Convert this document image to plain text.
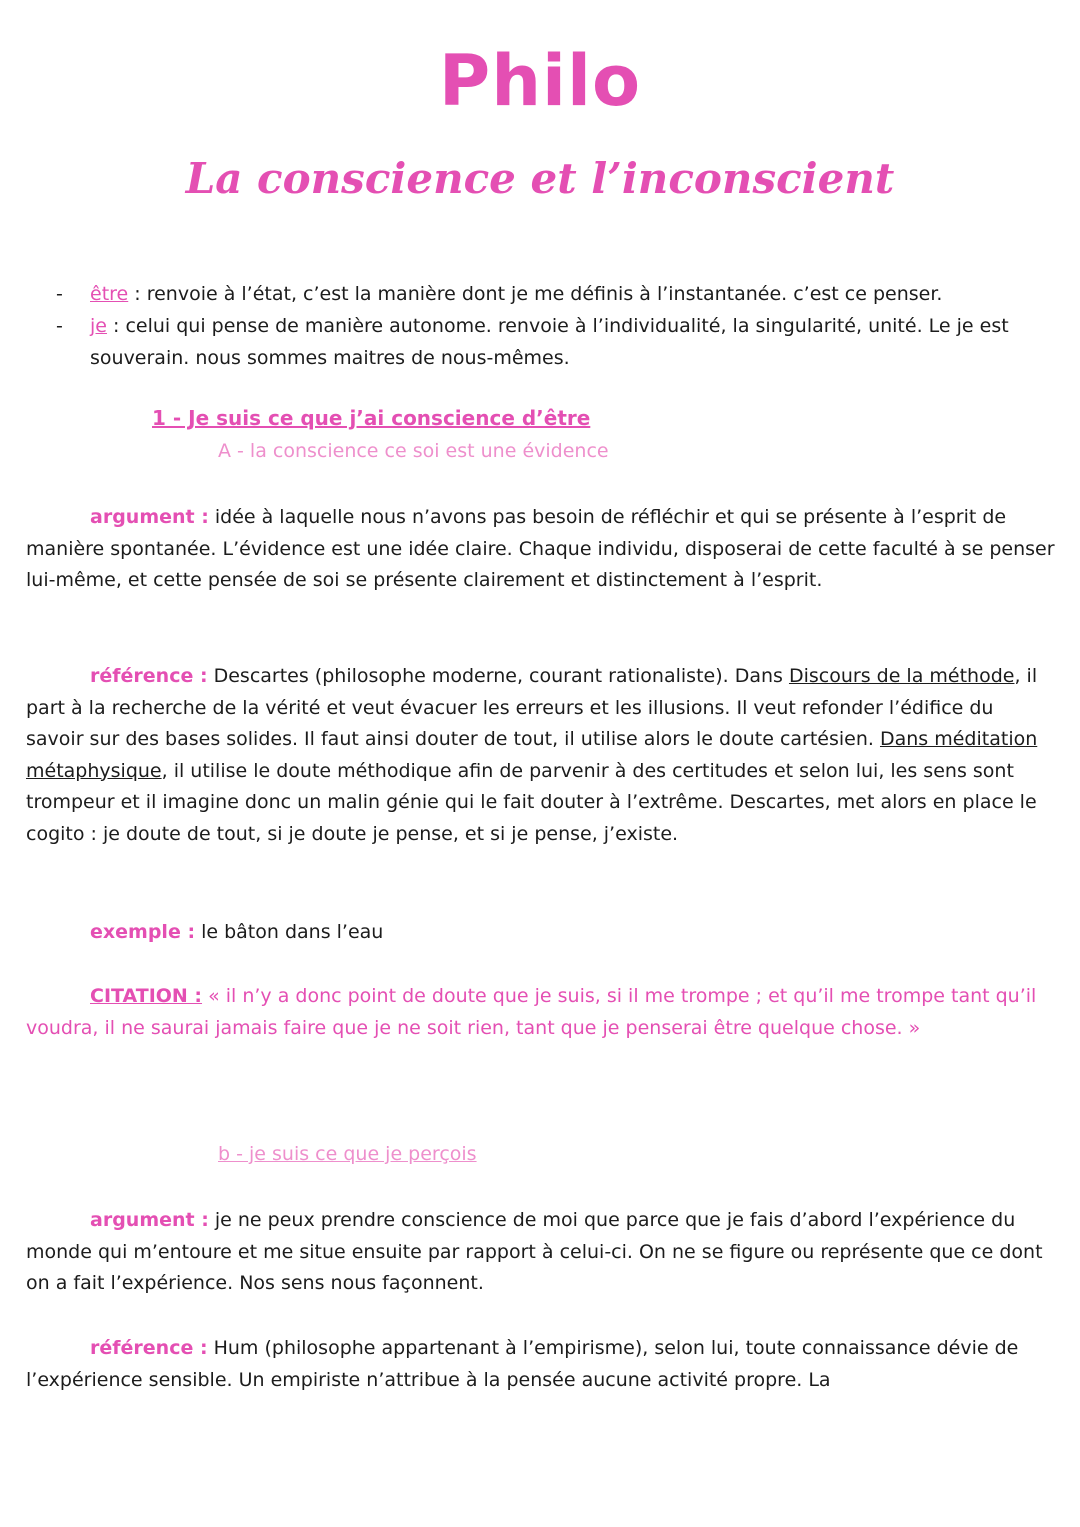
Philo
La conscience et l’inconscient
- être : renvoie à l’état, c’est la manière dont je me définis à l’instantanée. c’est ce penser.
- je : celui qui pense de manière autonome. renvoie à l’individualité, la singularité, unité. Le je est souverain. nous sommes maitres de nous-mêmes.
1 - Je suis ce que j’ai conscience d’être
A - la conscience ce soi est une évidence

argument : idée à laquelle nous n’avons pas besoin de réfléchir et qui se présente à l’esprit de manière spontanée. L’évidence est une idée claire. Chaque individu, disposerai de cette faculté à se penser lui-même, et cette pensée de soi se présente clairement et distinctement à l’esprit.

référence : Descartes (philosophe moderne, courant rationaliste). Dans Discours de la méthode, il part à la recherche de la vérité et veut évacuer les erreurs et les illusions. Il veut refonder l’édifice du savoir sur des bases solides. Il faut ainsi douter de tout, il utilise alors le doute cartésien. Dans méditation métaphysique, il utilise le doute méthodique afin de parvenir à des certitudes et selon lui, les sens sont trompeur et il imagine donc un malin génie qui le fait douter à l’extrême. Descartes, met alors en place le cogito : je doute de tout, si je doute je pense, et si je pense, j’existe.

exemple : le bâton dans l’eau

CITATION : « il n’y a donc point de doute que je suis, si il me trompe ; et qu’il me trompe tant qu’il voudra, il ne saurai jamais faire que je ne soit rien, tant que je penserai être quelque chose. »

b - je suis ce que je perçois

argument : je ne peux prendre conscience de moi que parce que je fais d’abord l’expérience du monde qui m’entoure et me situe ensuite par rapport à celui-ci. On ne se figure ou représente que ce dont on a fait l’expérience. Nos sens nous façonnent.

référence : Hum (philosophe appartenant à l’empirisme), selon lui, toute connaissance dévie de l’expérience sensible. Un empiriste n’attribue à la pensée aucune activité propre. La
